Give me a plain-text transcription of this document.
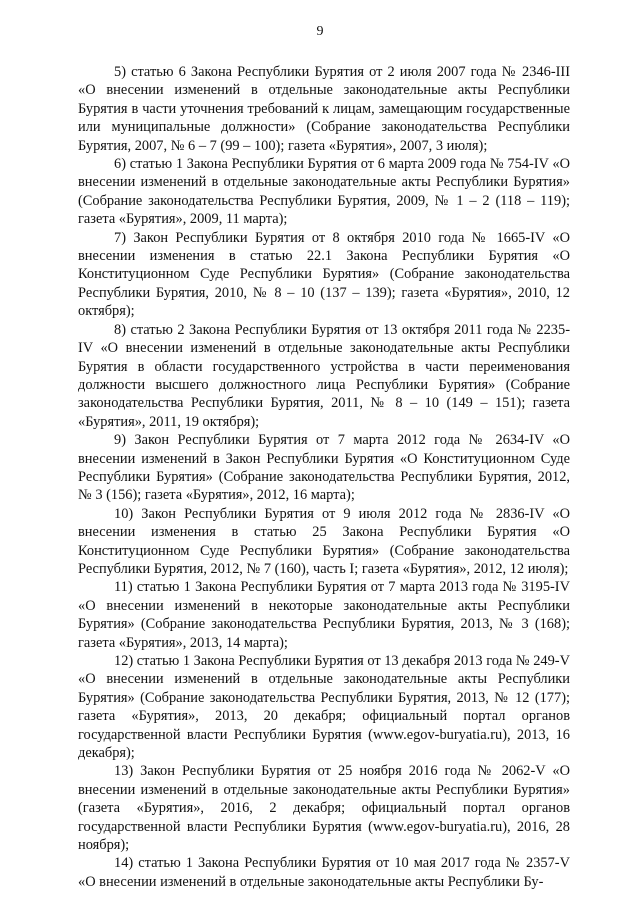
9

5) статью 6 Закона Республики Бурятия от 2 июля 2007 года № 2346-III «О внесении изменений в отдельные законодательные акты Республики Бурятия в части уточнения требований к лицам, замещающим государственные или муниципальные должности» (Собрание законодательства Республики Бурятия, 2007, № 6 – 7 (99 – 100); газета «Бурятия», 2007, 3 июля);

6) статью 1 Закона Республики Бурятия от 6 марта 2009 года № 754-IV «О внесении изменений в отдельные законодательные акты Республики Бурятия» (Собрание законодательства Республики Бурятия, 2009, № 1 – 2 (118 – 119); газета «Бурятия», 2009, 11 марта);

7) Закон Республики Бурятия от 8 октября 2010 года № 1665-IV «О внесении изменения в статью 22.1 Закона Республики Бурятия «О Конституционном Суде Республики Бурятия» (Собрание законодательства Республики Бурятия, 2010, № 8 – 10 (137 – 139); газета «Бурятия», 2010, 12 октября);

8) статью 2 Закона Республики Бурятия от 13 октября 2011 года № 2235-IV «О внесении изменений в отдельные законодательные акты Республики Бурятия в области государственного устройства в части переименования должности высшего должностного лица Республики Бурятия» (Собрание законодательства Республики Бурятия, 2011, № 8 – 10 (149 – 151); газета «Бурятия», 2011, 19 октября);

9) Закон Республики Бурятия от 7 марта 2012 года № 2634-IV «О внесении изменений в Закон Республики Бурятия «О Конституционном Суде Республики Бурятия» (Собрание законодательства Республики Бурятия, 2012, № 3 (156); газета «Бурятия», 2012, 16 марта);

10) Закон Республики Бурятия от 9 июля 2012 года № 2836-IV «О внесении изменения в статью 25 Закона Республики Бурятия «О Конституционном Суде Республики Бурятия» (Собрание законодательства Республики Бурятия, 2012, № 7 (160), часть I; газета «Бурятия», 2012, 12 июля);

11) статью 1 Закона Республики Бурятия от 7 марта 2013 года № 3195-IV «О внесении изменений в некоторые законодательные акты Республики Бурятия» (Собрание законодательства Республики Бурятия, 2013, № 3 (168); газета «Бурятия», 2013, 14 марта);

12) статью 1 Закона Республики Бурятия от 13 декабря 2013 года № 249-V «О внесении изменений в отдельные законодательные акты Республики Бурятия» (Собрание законодательства Республики Бурятия, 2013, № 12 (177); газета «Бурятия», 2013, 20 декабря; официальный портал органов государственной власти Республики Бурятия (www.egov-buryatia.ru), 2013, 16 декабря);

13) Закон Республики Бурятия от 25 ноября 2016 года № 2062-V «О внесении изменений в отдельные законодательные акты Республики Бурятия» (газета «Бурятия», 2016, 2 декабря; официальный портал органов государственной власти Республики Бурятия (www.egov-buryatia.ru), 2016, 28 ноября);

14) статью 1 Закона Республики Бурятия от 10 мая 2017 года № 2357-V «О внесении изменений в отдельные законодательные акты Республики Бу-
